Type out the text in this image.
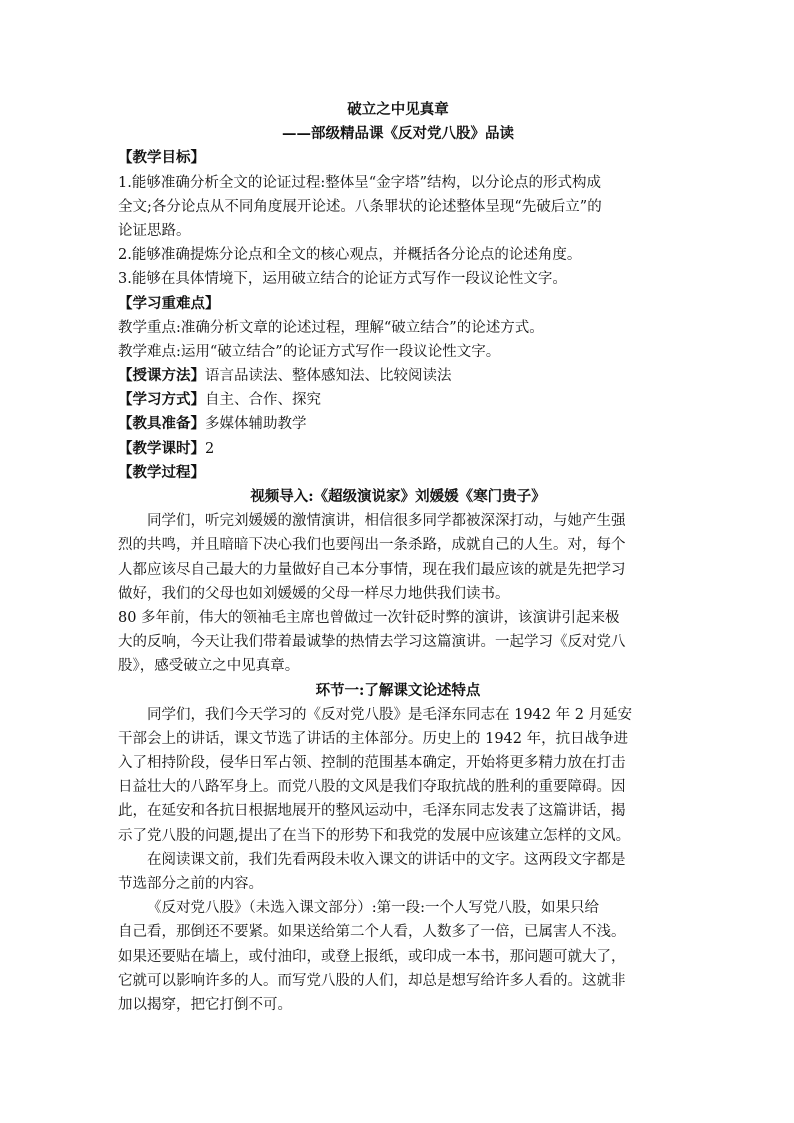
破立之中见真章
——部级精品课《反对党八股》品读
【教学目标】
1.能够准确分析全文的论证过程:整体呈“金字塔”结构，以分论点的形式构成
全文;各分论点从不同角度展开论述。八条罪状的论述整体呈现“先破后立”的
论证思路。
2.能够准确提炼分论点和全文的核心观点，并概括各分论点的论述角度。
3.能够在具体情境下，运用破立结合的论证方式写作一段议论性文字。
【学习重难点】
教学重点:准确分析文章的论述过程，理解“破立结合”的论述方式。
教学难点:运用“破立结合”的论证方式写作一段议论性文字。
【授课方法】语言品读法、整体感知法、比较阅读法
【学习方式】自主、合作、探究
【教具准备】多媒体辅助教学
【教学课时】2
【教学过程】
视频导入:《超级演说家》刘媛媛《寒门贵子》
同学们，听完刘媛媛的激情演讲，相信很多同学都被深深打动，与她产生强
烈的共鸣，并且暗暗下决心我们也要闯出一条杀路，成就自己的人生。对，每个
人都应该尽自己最大的力量做好自己本分事情，现在我们最应该的就是先把学习
做好，我们的父母也如刘媛媛的父母一样尽力地供我们读书。
80 多年前，伟大的领袖毛主席也曾做过一次针砭时弊的演讲，该演讲引起来极
大的反响，今天让我们带着最诚挚的热情去学习这篇演讲。一起学习《反对党八
股》，感受破立之中见真章。
环节一:了解课文论述特点
同学们，我们今天学习的《反对党八股》是毛泽东同志在 1942 年 2 月延安
干部会上的讲话，课文节选了讲话的主体部分。历史上的 1942 年，抗日战争进
入了相持阶段，侵华日军占领、控制的范围基本确定，开始将更多精力放在打击
日益壮大的八路军身上。而党八股的文风是我们夺取抗战的胜利的重要障碍。因
此，在延安和各抗日根据地展开的整风运动中，毛泽东同志发表了这篇讲话，揭
示了党八股的问题,提出了在当下的形势下和我党的发展中应该建立怎样的文风。
在阅读课文前，我们先看两段未收入课文的讲话中的文字。这两段文字都是
节选部分之前的内容。
《反对党八股》（未选入课文部分）:第一段:一个人写党八股，如果只给
自己看，那倒还不要紧。如果送给第二个人看，人数多了一倍，已属害人不浅。
如果还要贴在墙上，或付油印，或登上报纸，或印成一本书，那问题可就大了，
它就可以影响许多的人。而写党八股的人们，却总是想写给许多人看的。这就非
加以揭穿，把它打倒不可。
